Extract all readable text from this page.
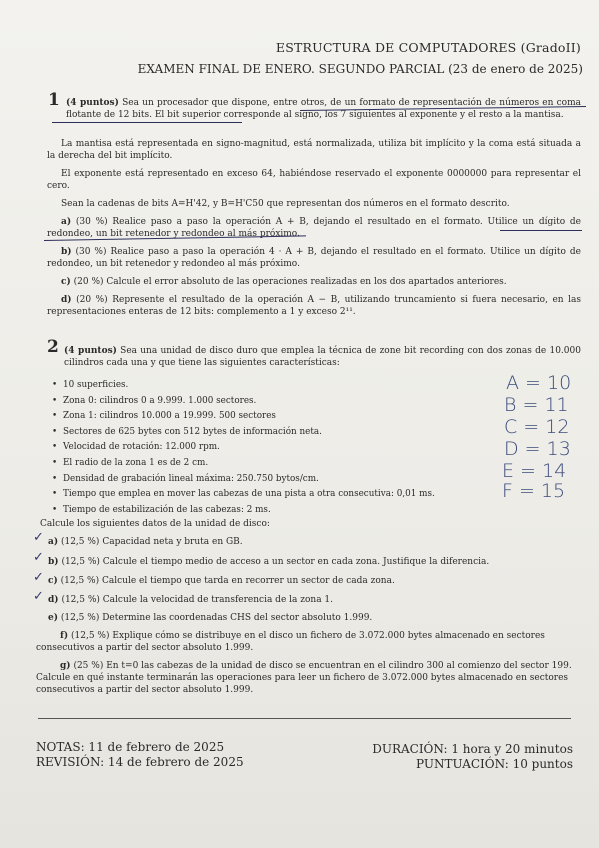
ESTRUCTURA DE COMPUTADORES (GradoII)
EXAMEN FINAL DE ENERO. SEGUNDO PARCIAL (23 de enero de 2025)
1 (4 puntos) Sea un procesador que dispone, entre otros, de un formato de representación de números en coma flotante de 12 bits. El bit superior corresponde al signo, los 7 siguientes al exponente y el resto a la mantisa.
La mantisa está representada en signo-magnitud, está normalizada, utiliza bit implícito y la coma está situada a la derecha del bit implícito.
El exponente está representado en exceso 64, habiéndose reservado el exponente 0000000 para representar el cero.
Sean la cadenas de bits A=H'42, y B=H'C50 que representan dos números en el formato descrito.
a) (30 %) Realice paso a paso la operación A + B, dejando el resultado en el formato. Utilice un dígito de redondeo, un bit retenedor y redondeo al más próximo.
b) (30 %) Realice paso a paso la operación 4 · A + B, dejando el resultado en el formato. Utilice un dígito de redondeo, un bit retenedor y redondeo al más próximo.
c) (20 %) Calcule el error absoluto de las operaciones realizadas en los dos apartados anteriores.
d) (20 %) Represente el resultado de la operación A − B, utilizando truncamiento si fuera necesario, en las representaciones enteras de 12 bits: complemento a 1 y exceso 2¹¹.
2 (4 puntos) Sea una unidad de disco duro que emplea la técnica de zone bit recording con dos zonas de 10.000 cilindros cada una y que tiene las siguientes características:
• 10 superficies.
• Zona 0: cilindros 0 a 9.999. 1.000 sectores.
• Zona 1: cilindros 10.000 a 19.999. 500 sectores
• Sectores de 625 bytes con 512 bytes de información neta.
• Velocidad de rotación: 12.000 rpm.
• El radio de la zona 1 es de 2 cm.
• Densidad de grabación lineal máxima: 250.750 bytos/cm.
• Tiempo que emplea en mover las cabezas de una pista a otra consecutiva: 0,01 ms.
• Tiempo de estabilización de las cabezas: 2 ms.
A = 10
B = 11
C = 12
D = 13
E = 14
F = 15
Calcule los siguientes datos de la unidad de disco:
✓
✓
✓
✓
a) (12,5 %) Capacidad neta y bruta en GB.
b) (12,5 %) Calcule el tiempo medio de acceso a un sector en cada zona. Justifique la diferencia.
c) (12,5 %) Calcule el tiempo que tarda en recorrer un sector de cada zona.
d) (12,5 %) Calcule la velocidad de transferencia de la zona 1.
e) (12,5 %) Determine las coordenadas CHS del sector absoluto 1.999.
f) (12,5 %) Explique cómo se distribuye en el disco un fichero de 3.072.000 bytes almacenado en sectores consecutivos a partir del sector absoluto 1.999.
g) (25 %) En t=0 las cabezas de la unidad de disco se encuentran en el cilindro 300 al comienzo del sector 199. Calcule en qué instante terminarán las operaciones para leer un fichero de 3.072.000 bytes almacenado en sectores consecutivos a partir del sector absoluto 1.999.
NOTAS: 11 de febrero de 2025
REVISIÓN: 14 de febrero de 2025
DURACIÓN: 1 hora y 20 minutos
PUNTUACIÓN: 10 puntos
